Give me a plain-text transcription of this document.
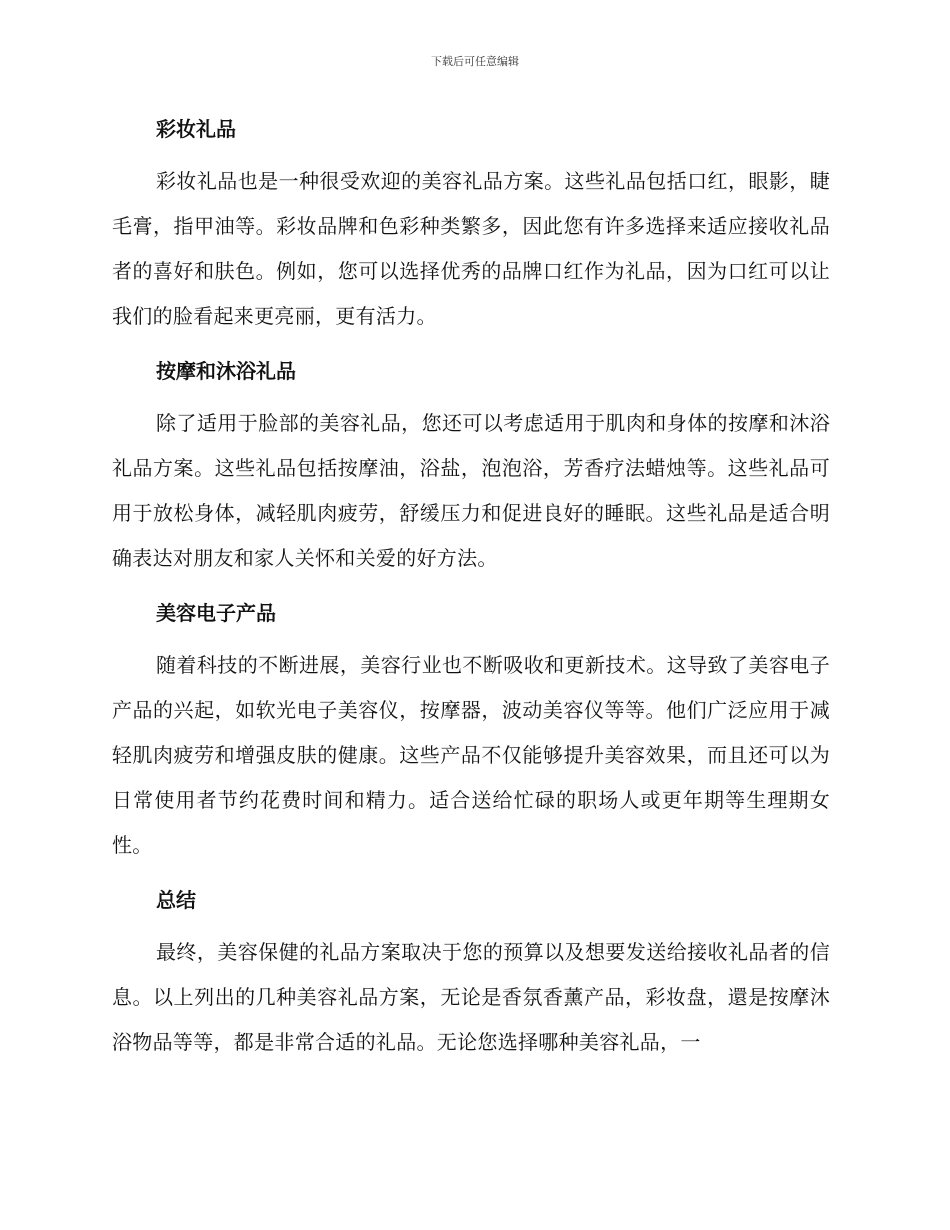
下载后可任意编辑
彩妆礼品

彩妆礼品也是一种很受欢迎的美容礼品方案。这些礼品包括口红，眼影，睫毛膏，指甲油等。彩妆品牌和色彩种类繁多，因此您有许多选择来适应接收礼品者的喜好和肤色。例如，您可以选择优秀的品牌口红作为礼品，因为口红可以让我们的脸看起来更亮丽，更有活力。

按摩和沐浴礼品

除了适用于脸部的美容礼品，您还可以考虑适用于肌肉和身体的按摩和沐浴礼品方案。这些礼品包括按摩油，浴盐，泡泡浴，芳香疗法蜡烛等。这些礼品可用于放松身体，减轻肌肉疲劳，舒缓压力和促进良好的睡眠。这些礼品是适合明确表达对朋友和家人关怀和关爱的好方法。

美容电子产品

随着科技的不断进展，美容行业也不断吸收和更新技术。这导致了美容电子产品的兴起，如软光电子美容仪，按摩器，波动美容仪等等。他们广泛应用于减轻肌肉疲劳和增强皮肤的健康。这些产品不仅能够提升美容效果，而且还可以为日常使用者节约花费时间和精力。适合送给忙碌的职场人或更年期等生理期女性。

总结

最终，美容保健的礼品方案取决于您的预算以及想要发送给接收礼品者的信息。以上列出的几种美容礼品方案，无论是香氛香薰产品，彩妆盘，還是按摩沐浴物品等等，都是非常合适的礼品。无论您选择哪种美容礼品，一
